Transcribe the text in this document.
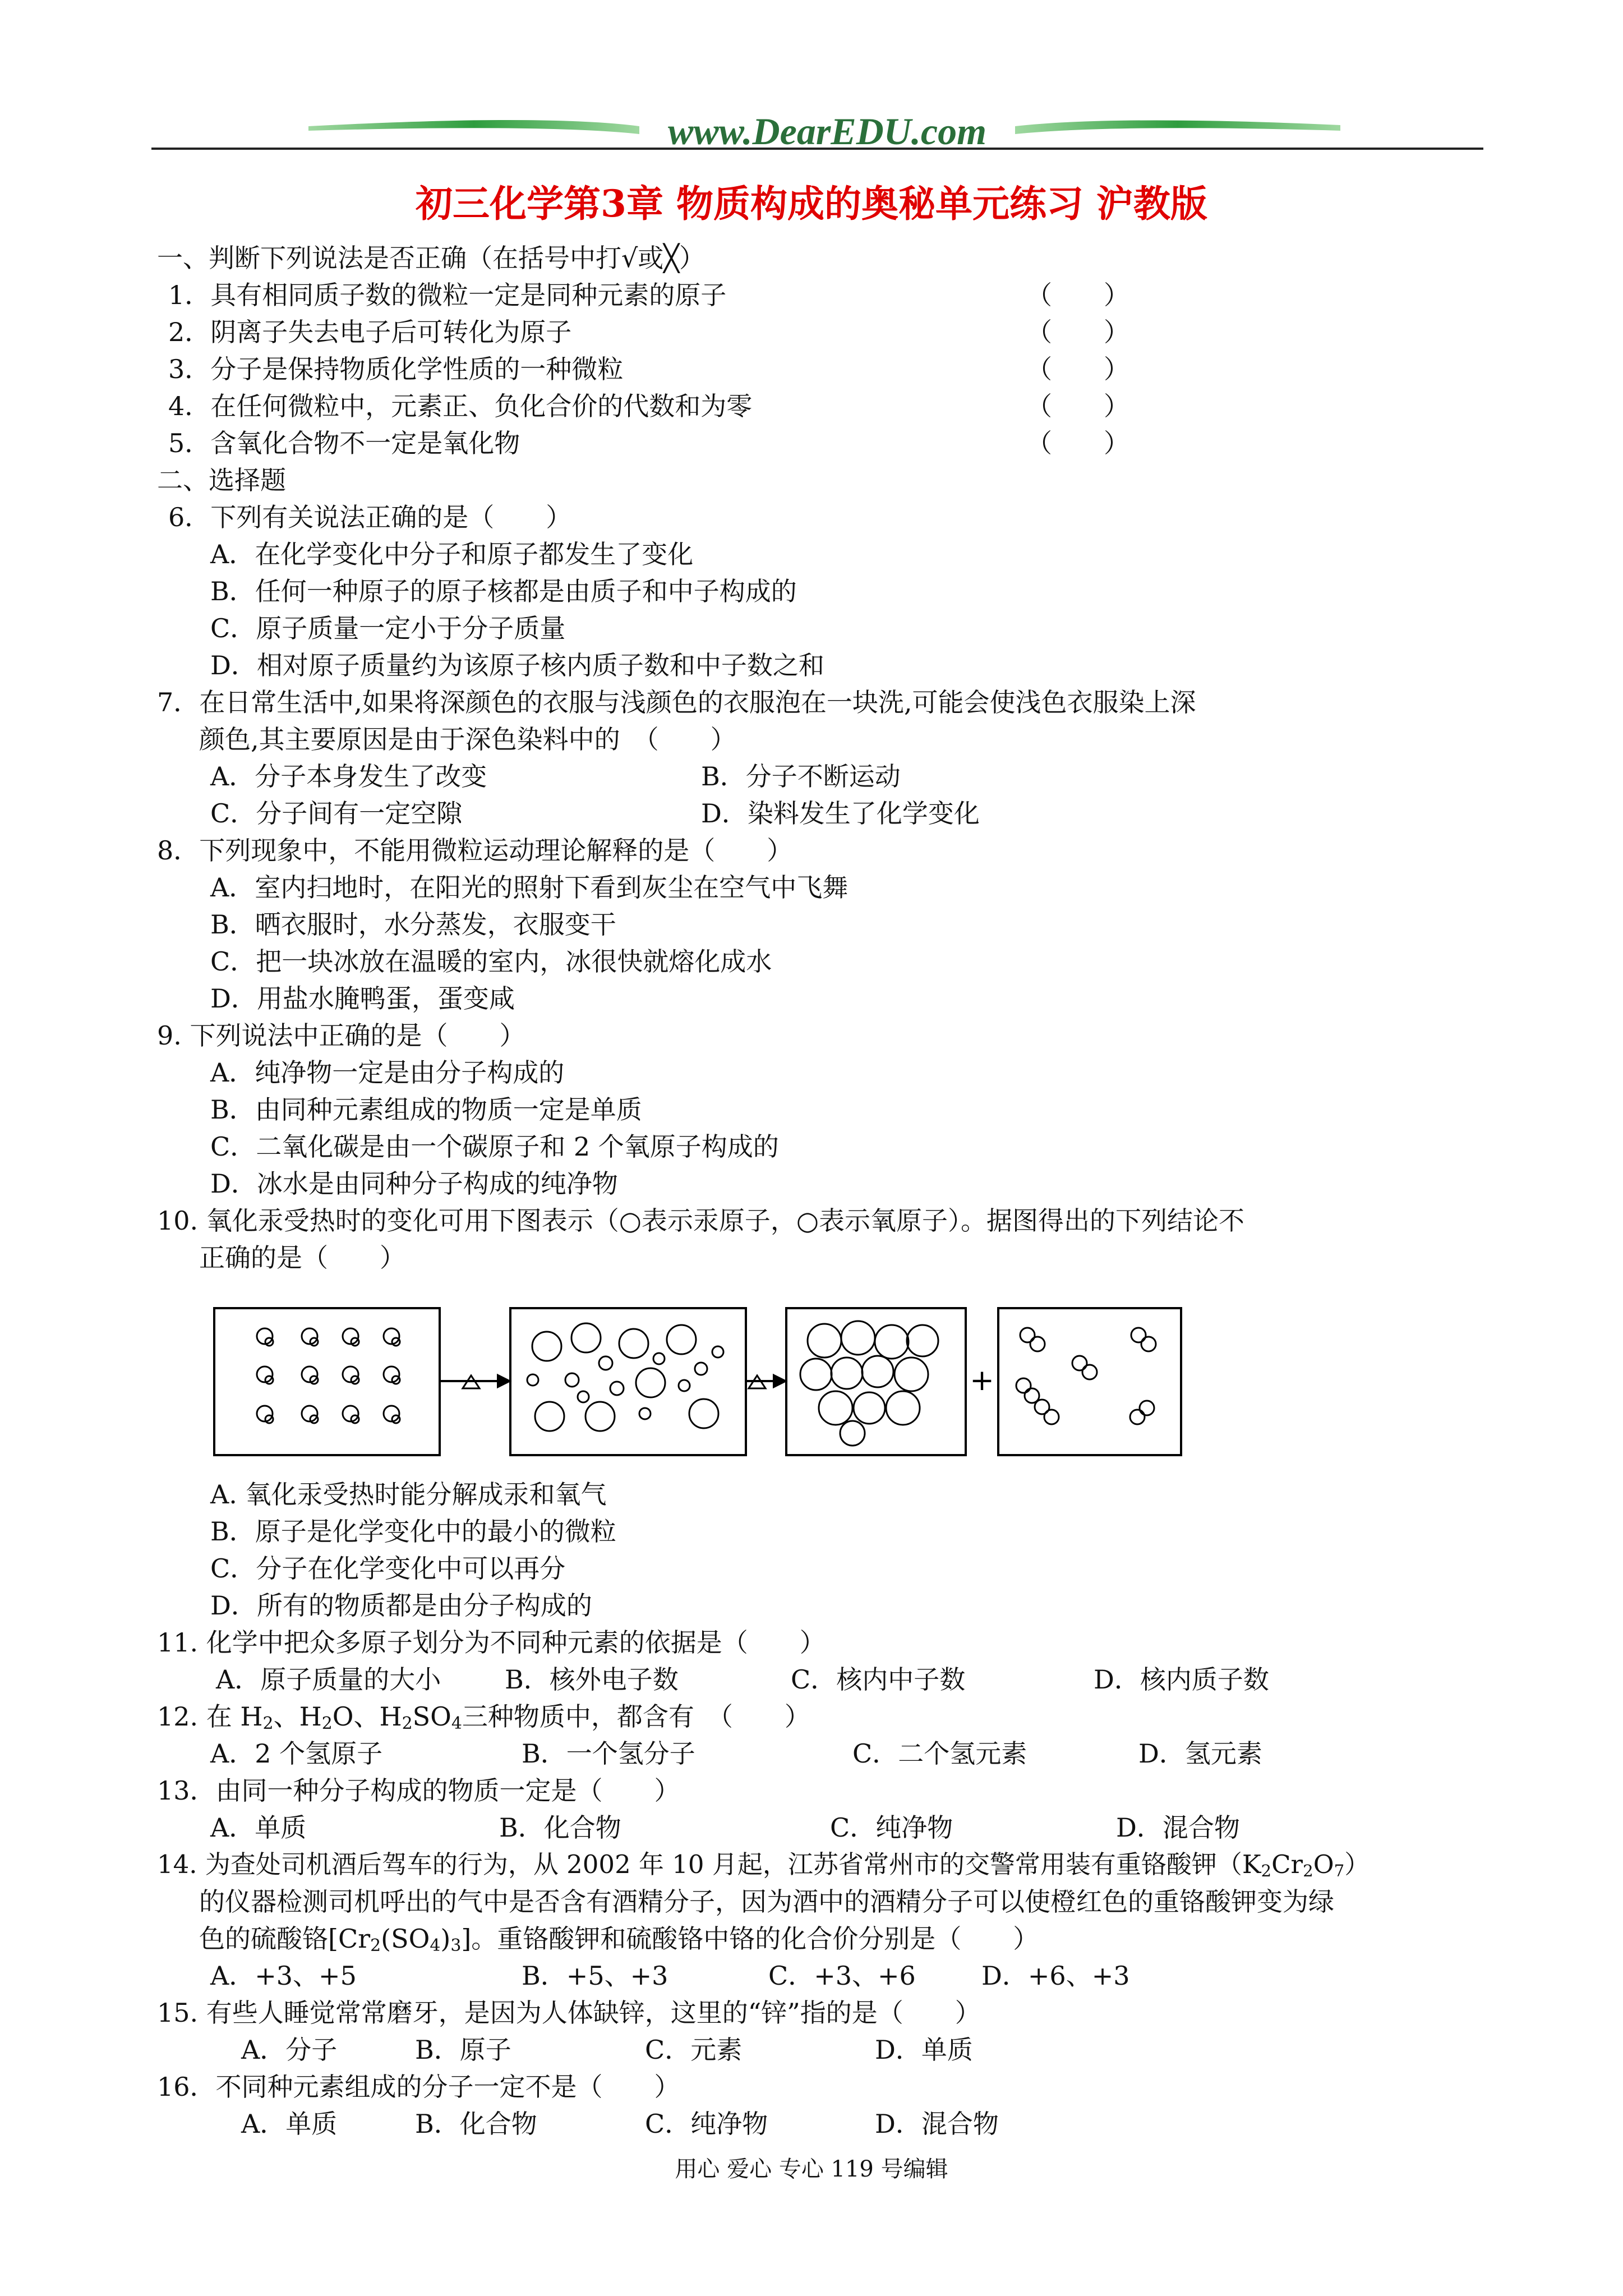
www.DearEDU.com
初三化学第3章 物质构成的奥秘单元练习 沪教版
一、判断下列说法是否正确（在括号中打√或╳）
1．具有相同质子数的微粒一定是同种元素的原子	（　　）
2．阴离子失去电子后可转化为原子	（　　）
3．分子是保持物质化学性质的一种微粒	（　　）
4．在任何微粒中，元素正、负化合价的代数和为零	（　　）
5．含氧化合物不一定是氧化物	（　　）
二、选择题
6．下列有关说法正确的是（　　）
A．在化学变化中分子和原子都发生了变化
B．任何一种原子的原子核都是由质子和中子构成的
C．原子质量一定小于分子质量
D．相对原子质量约为该原子核内质子数和中子数之和
7．在日常生活中,如果将深颜色的衣服与浅颜色的衣服泡在一块洗,可能会使浅色衣服染上深
颜色,其主要原因是由于深色染料中的　（　　）
A．分子本身发生了改变	B．分子不断运动
C．分子间有一定空隙	D．染料发生了化学变化
8．下列现象中，不能用微粒运动理论解释的是（　　）
A．室内扫地时，在阳光的照射下看到灰尘在空气中飞舞
B．晒衣服时，水分蒸发，衣服变干
C．把一块冰放在温暖的室内，冰很快就熔化成水
D．用盐水腌鸭蛋，蛋变咸
9. 下列说法中正确的是（　　）
A．纯净物一定是由分子构成的
B．由同种元素组成的物质一定是单质
C．二氧化碳是由一个碳原子和 2 个氧原子构成的
D．冰水是由同种分子构成的纯净物
10. 氧化汞受热时的变化可用下图表示（○表示汞原子，○表示氧原子）。据图得出的下列结论不
正确的是（　　）
+
A. 氧化汞受热时能分解成汞和氧气
B．原子是化学变化中的最小的微粒
C．分子在化学变化中可以再分
D．所有的物质都是由分子构成的
11. 化学中把众多原子划分为不同种元素的依据是（　　）
A．原子质量的大小 B．核外电子数	C．核内中子数	D．核内质子数
12. 在 $H_2$、$H_2O$、$H_2SO_4$三种物质中，都含有　（　　）
A．2 个氢原子	B．一个氢分子	C．二个氢元素	D．氢元素
13．由同一种分子构成的物质一定是（　　）
A．单质	B．化合物	C．纯净物	D．混合物
14. 为查处司机酒后驾车的行为，从 2002 年 10 月起，江苏省常州市的交警常用装有重铬酸钾$(K_2Cr_2O_7)$
的仪器检测司机呼出的气中是否含有酒精分子，因为酒中的酒精分子可以使橙红色的重铬酸钾变为绿
色的硫酸铬$[Cr_2(SO_4)_3]$。重铬酸钾和硫酸铬中铬的化合价分别是（　　）
A．+3、+5	B．+5、+3	C．+3、+6	D．+6、+3
15. 有些人睡觉常常磨牙，是因为人体缺锌，这里的“锌”指的是（　　）
A．分子	B．原子	C．元素	D．单质
16．不同种元素组成的分子一定不是（　　）
A．单质	B．化合物	C．纯净物	D．混合物
用心 爱心 专心 119 号编辑
